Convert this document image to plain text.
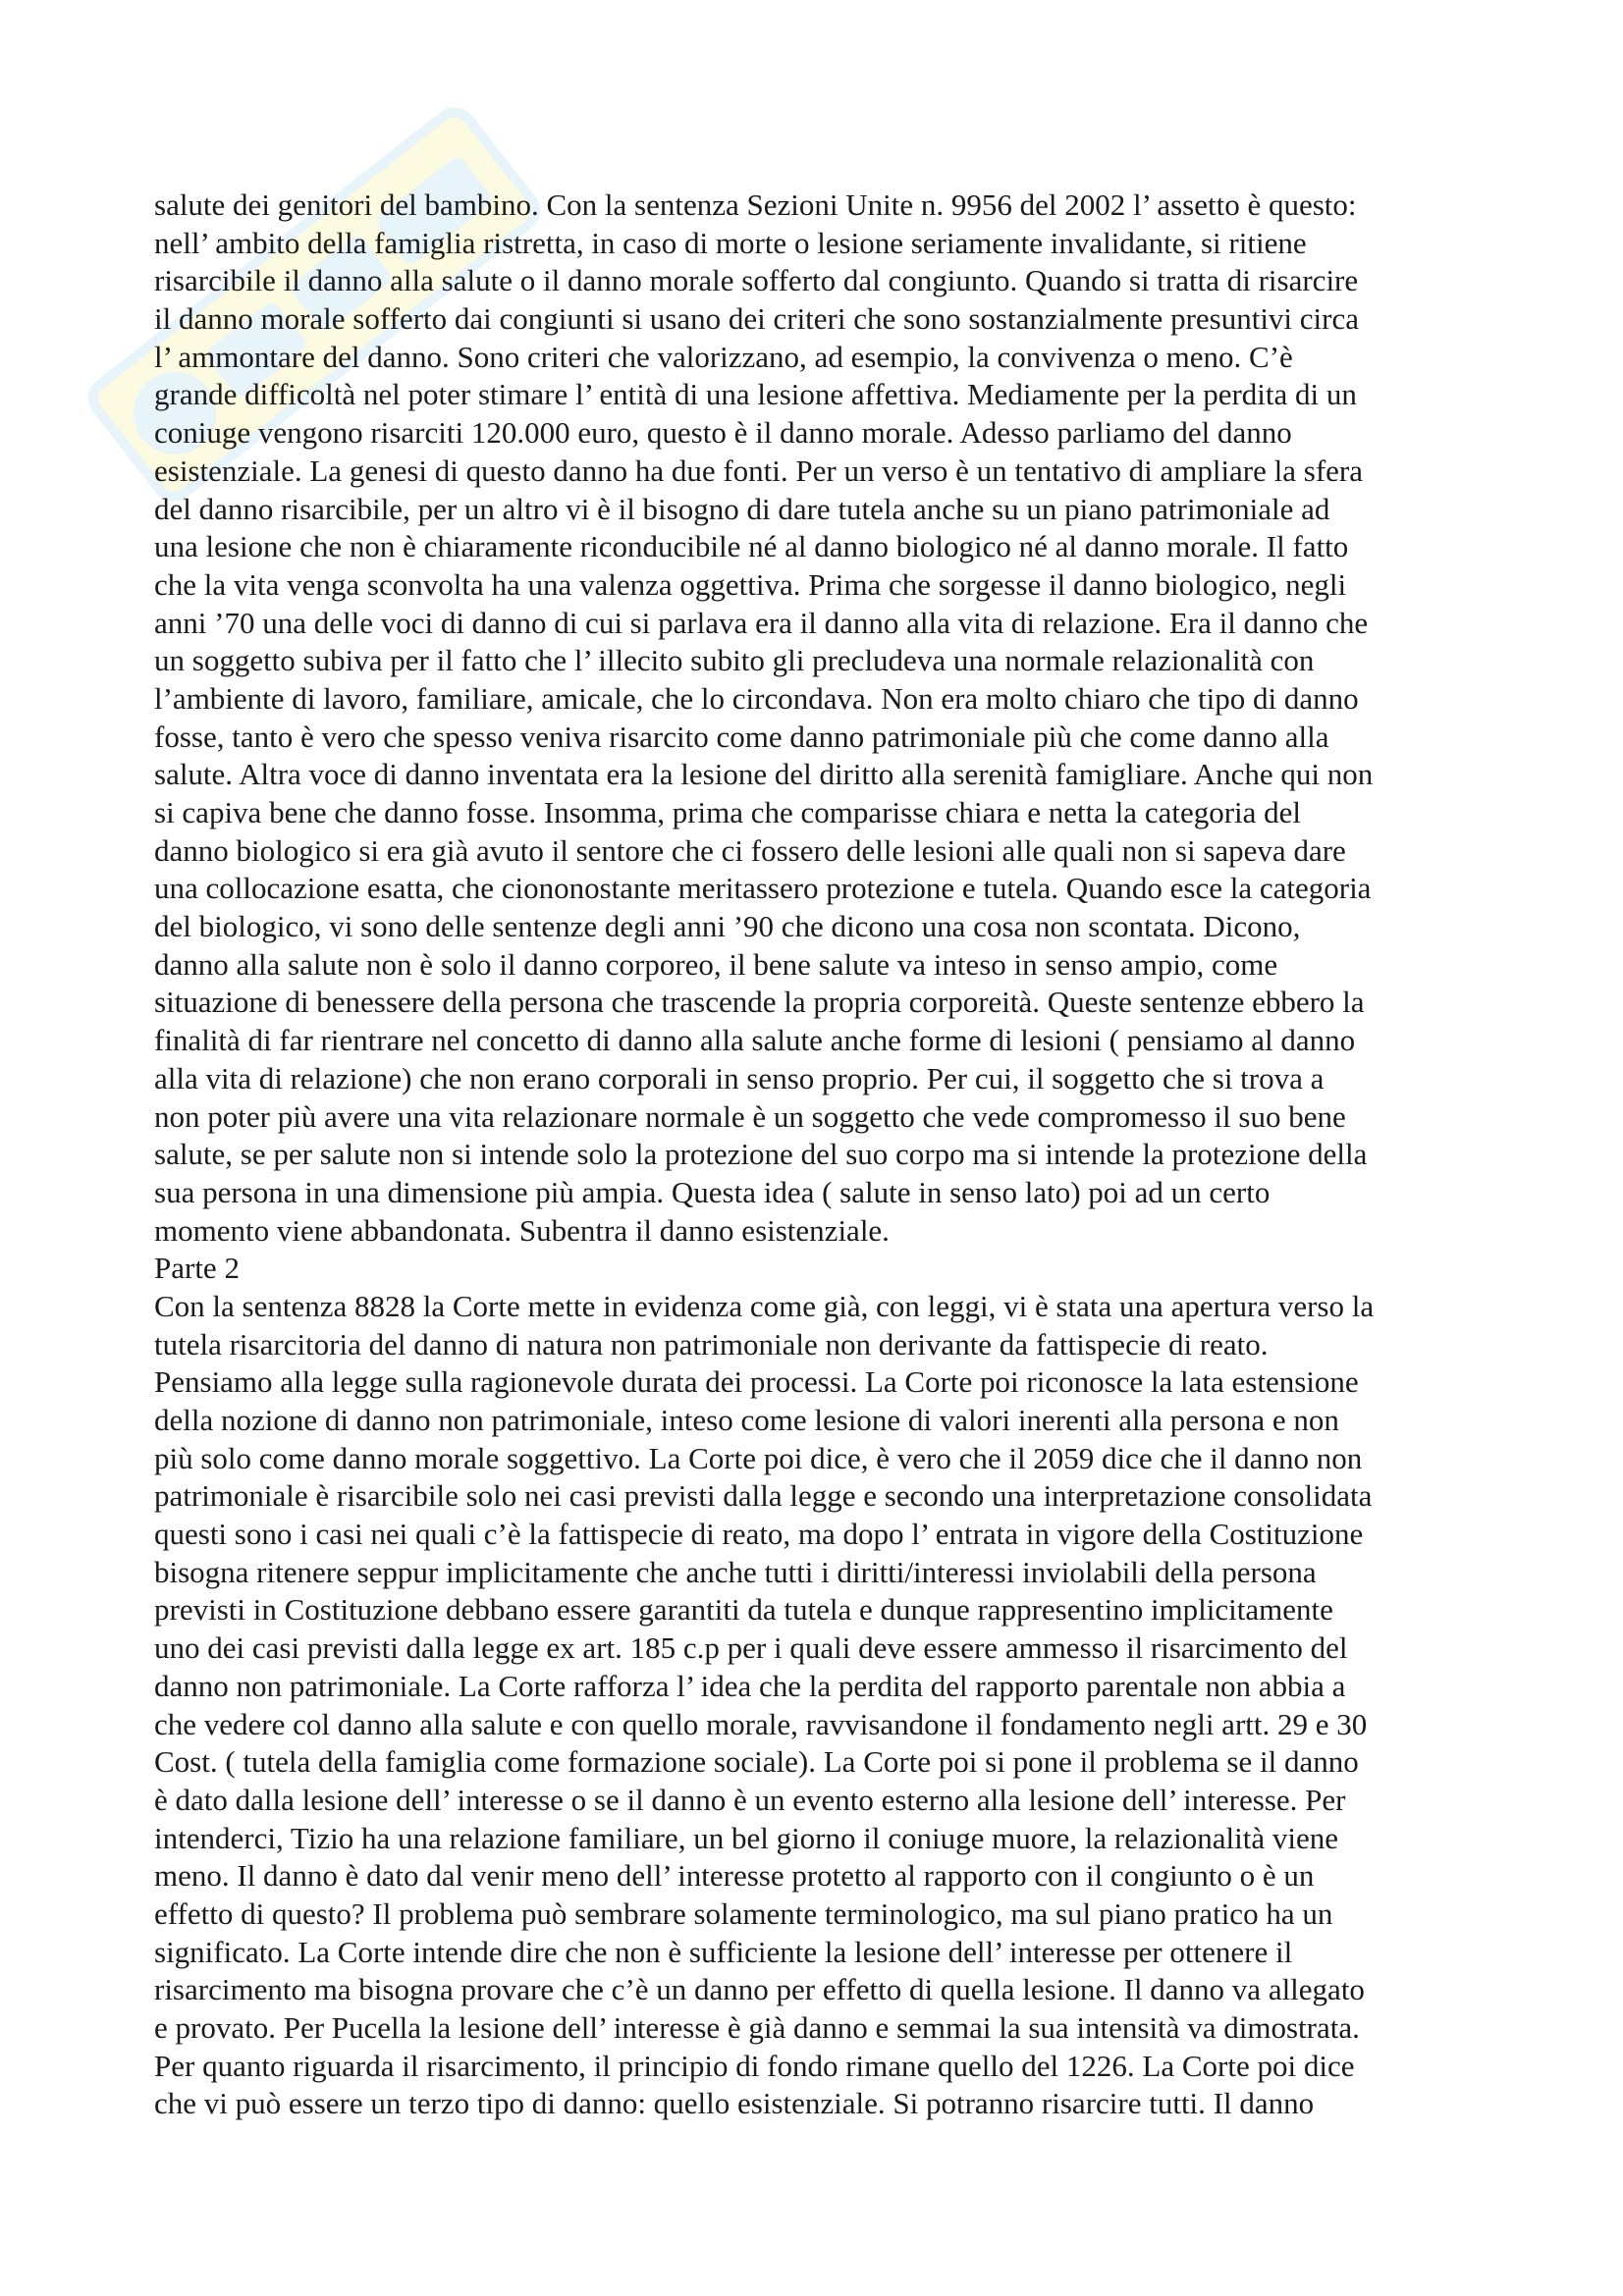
salute dei genitori del bambino. Con la sentenza Sezioni Unite n. 9956 del 2002 l’ assetto è questo:

nell’ ambito della famiglia ristretta, in caso di morte o lesione seriamente invalidante, si ritiene

risarcibile il danno alla salute o il danno morale sofferto dal congiunto. Quando si tratta di risarcire

il danno morale sofferto dai congiunti si usano dei criteri che sono sostanzialmente presuntivi circa

l’ ammontare del danno. Sono criteri che valorizzano, ad esempio, la convivenza o meno. C’è

grande difficoltà nel poter stimare l’ entità di una lesione affettiva. Mediamente per la perdita di un

coniuge vengono risarciti 120.000 euro, questo è il danno morale. Adesso parliamo del danno

esistenziale. La genesi di questo danno ha due fonti. Per un verso è un tentativo di ampliare la sfera

del danno risarcibile, per un altro vi è il bisogno di dare tutela anche su un piano patrimoniale ad

una lesione che non è chiaramente riconducibile né al danno biologico né al danno morale. Il fatto

che la vita venga sconvolta ha una valenza oggettiva. Prima che sorgesse il danno biologico, negli

anni ’70 una delle voci di danno di cui si parlava era il danno alla vita di relazione. Era il danno che

un soggetto subiva per il fatto che l’ illecito subito gli precludeva una normale relazionalità con

l’ambiente di lavoro, familiare, amicale, che lo circondava. Non era molto chiaro che tipo di danno

fosse, tanto è vero che spesso veniva risarcito come danno patrimoniale più che come danno alla

salute. Altra voce di danno inventata era la lesione del diritto alla serenità famigliare. Anche qui non

si capiva bene che danno fosse. Insomma, prima che comparisse chiara e netta la categoria del

danno biologico si era già avuto il sentore che ci fossero delle lesioni alle quali non si sapeva dare

una collocazione esatta, che ciononostante meritassero protezione e tutela. Quando esce la categoria

del biologico, vi sono delle sentenze degli anni ’90 che dicono una cosa non scontata. Dicono,

danno alla salute non è solo il danno corporeo, il bene salute va inteso in senso ampio, come

situazione di benessere della persona che trascende la propria corporeità. Queste sentenze ebbero la

finalità di far rientrare nel concetto di danno alla salute anche forme di lesioni ( pensiamo al danno

alla vita di relazione) che non erano corporali in senso proprio. Per cui, il soggetto che si trova a

non poter più avere una vita relazionare normale è un soggetto che vede compromesso il suo bene

salute, se per salute non si intende solo la protezione del suo corpo ma si intende la protezione della

sua persona in una dimensione più ampia. Questa idea ( salute in senso lato) poi ad un certo

momento viene abbandonata. Subentra il danno esistenziale.

Parte 2

Con la sentenza 8828 la Corte mette in evidenza come già, con leggi, vi è stata una apertura verso la

tutela risarcitoria del danno di natura non patrimoniale non derivante da fattispecie di reato.

Pensiamo alla legge sulla ragionevole durata dei processi. La Corte poi riconosce la lata estensione

della nozione di danno non patrimoniale, inteso come lesione di valori inerenti alla persona e non

più solo come danno morale soggettivo. La Corte poi dice, è vero che il 2059 dice che il danno non

patrimoniale è risarcibile solo nei casi previsti dalla legge e secondo una interpretazione consolidata

questi sono i casi nei quali c’è la fattispecie di reato, ma dopo l’ entrata in vigore della Costituzione

bisogna ritenere seppur implicitamente che anche tutti i diritti/interessi inviolabili della persona

previsti in Costituzione debbano essere garantiti da tutela e dunque rappresentino implicitamente

uno dei casi previsti dalla legge ex art. 185 c.p per i quali deve essere ammesso il risarcimento del

danno non patrimoniale. La Corte rafforza l’ idea che la perdita del rapporto parentale non abbia a

che vedere col danno alla salute e con quello morale, ravvisandone il fondamento negli artt. 29 e 30

Cost. ( tutela della famiglia come formazione sociale). La Corte poi si pone il problema se il danno

è dato dalla lesione dell’ interesse o se il danno è un evento esterno alla lesione dell’ interesse. Per

intenderci, Tizio ha una relazione familiare, un bel giorno il coniuge muore, la relazionalità viene

meno. Il danno è dato dal venir meno dell’ interesse protetto al rapporto con il congiunto o è un

effetto di questo? Il problema può sembrare solamente terminologico, ma sul piano pratico ha un

significato. La Corte intende dire che non è sufficiente la lesione dell’ interesse per ottenere il

risarcimento ma bisogna provare che c’è un danno per effetto di quella lesione. Il danno va allegato

e provato. Per Pucella la lesione dell’ interesse è già danno e semmai la sua intensità va dimostrata.

Per quanto riguarda il risarcimento, il principio di fondo rimane quello del 1226. La Corte poi dice

che vi può essere un terzo tipo di danno: quello esistenziale. Si potranno risarcire tutti. Il danno
